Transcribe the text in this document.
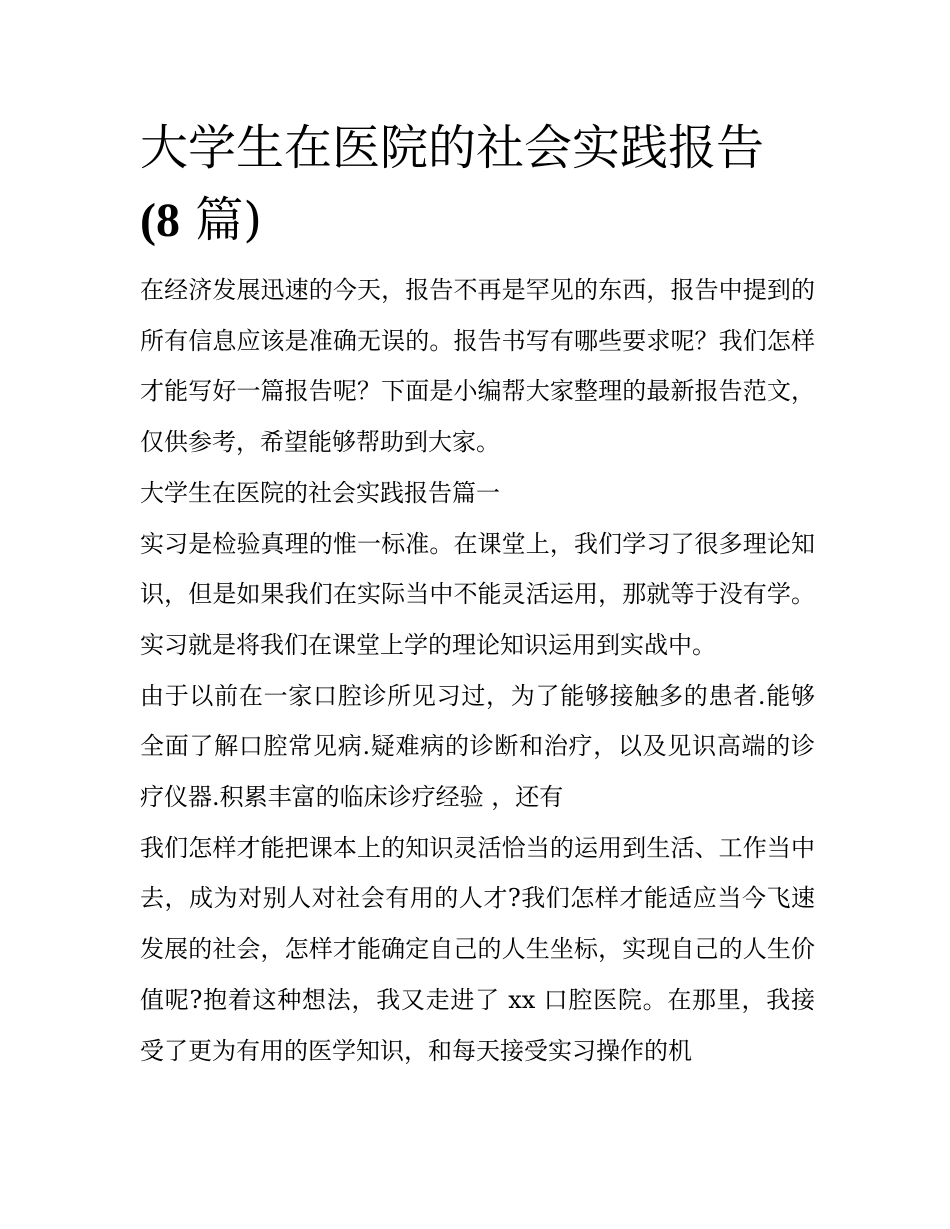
大学生在医院的社会实践报告
(8 篇)

在经济发展迅速的今天，报告不再是罕见的东西，报告中提到的所有信息应该是准确无误的。报告书写有哪些要求呢？我们怎样才能写好一篇报告呢？下面是小编帮大家整理的最新报告范文，仅供参考，希望能够帮助到大家。

大学生在医院的社会实践报告篇一

实习是检验真理的惟一标准。在课堂上，我们学习了很多理论知识，但是如果我们在实际当中不能灵活运用，那就等于没有学。实习就是将我们在课堂上学的理论知识运用到实战中。

由于以前在一家口腔诊所见习过，为了能够接触多的患者.能够全面了解口腔常见病.疑难病的诊断和治疗，以及见识高端的诊疗仪器.积累丰富的临床诊疗经验 ，还有

我们怎样才能把课本上的知识灵活恰当的运用到生活、工作当中去，成为对别人对社会有用的人才?我们怎样才能适应当今飞速发展的社会，怎样才能确定自己的人生坐标，实现自己的人生价值呢?抱着这种想法，我又走进了 xx 口腔医院。在那里，我接受了更为有用的医学知识，和每天接受实习操作的机
